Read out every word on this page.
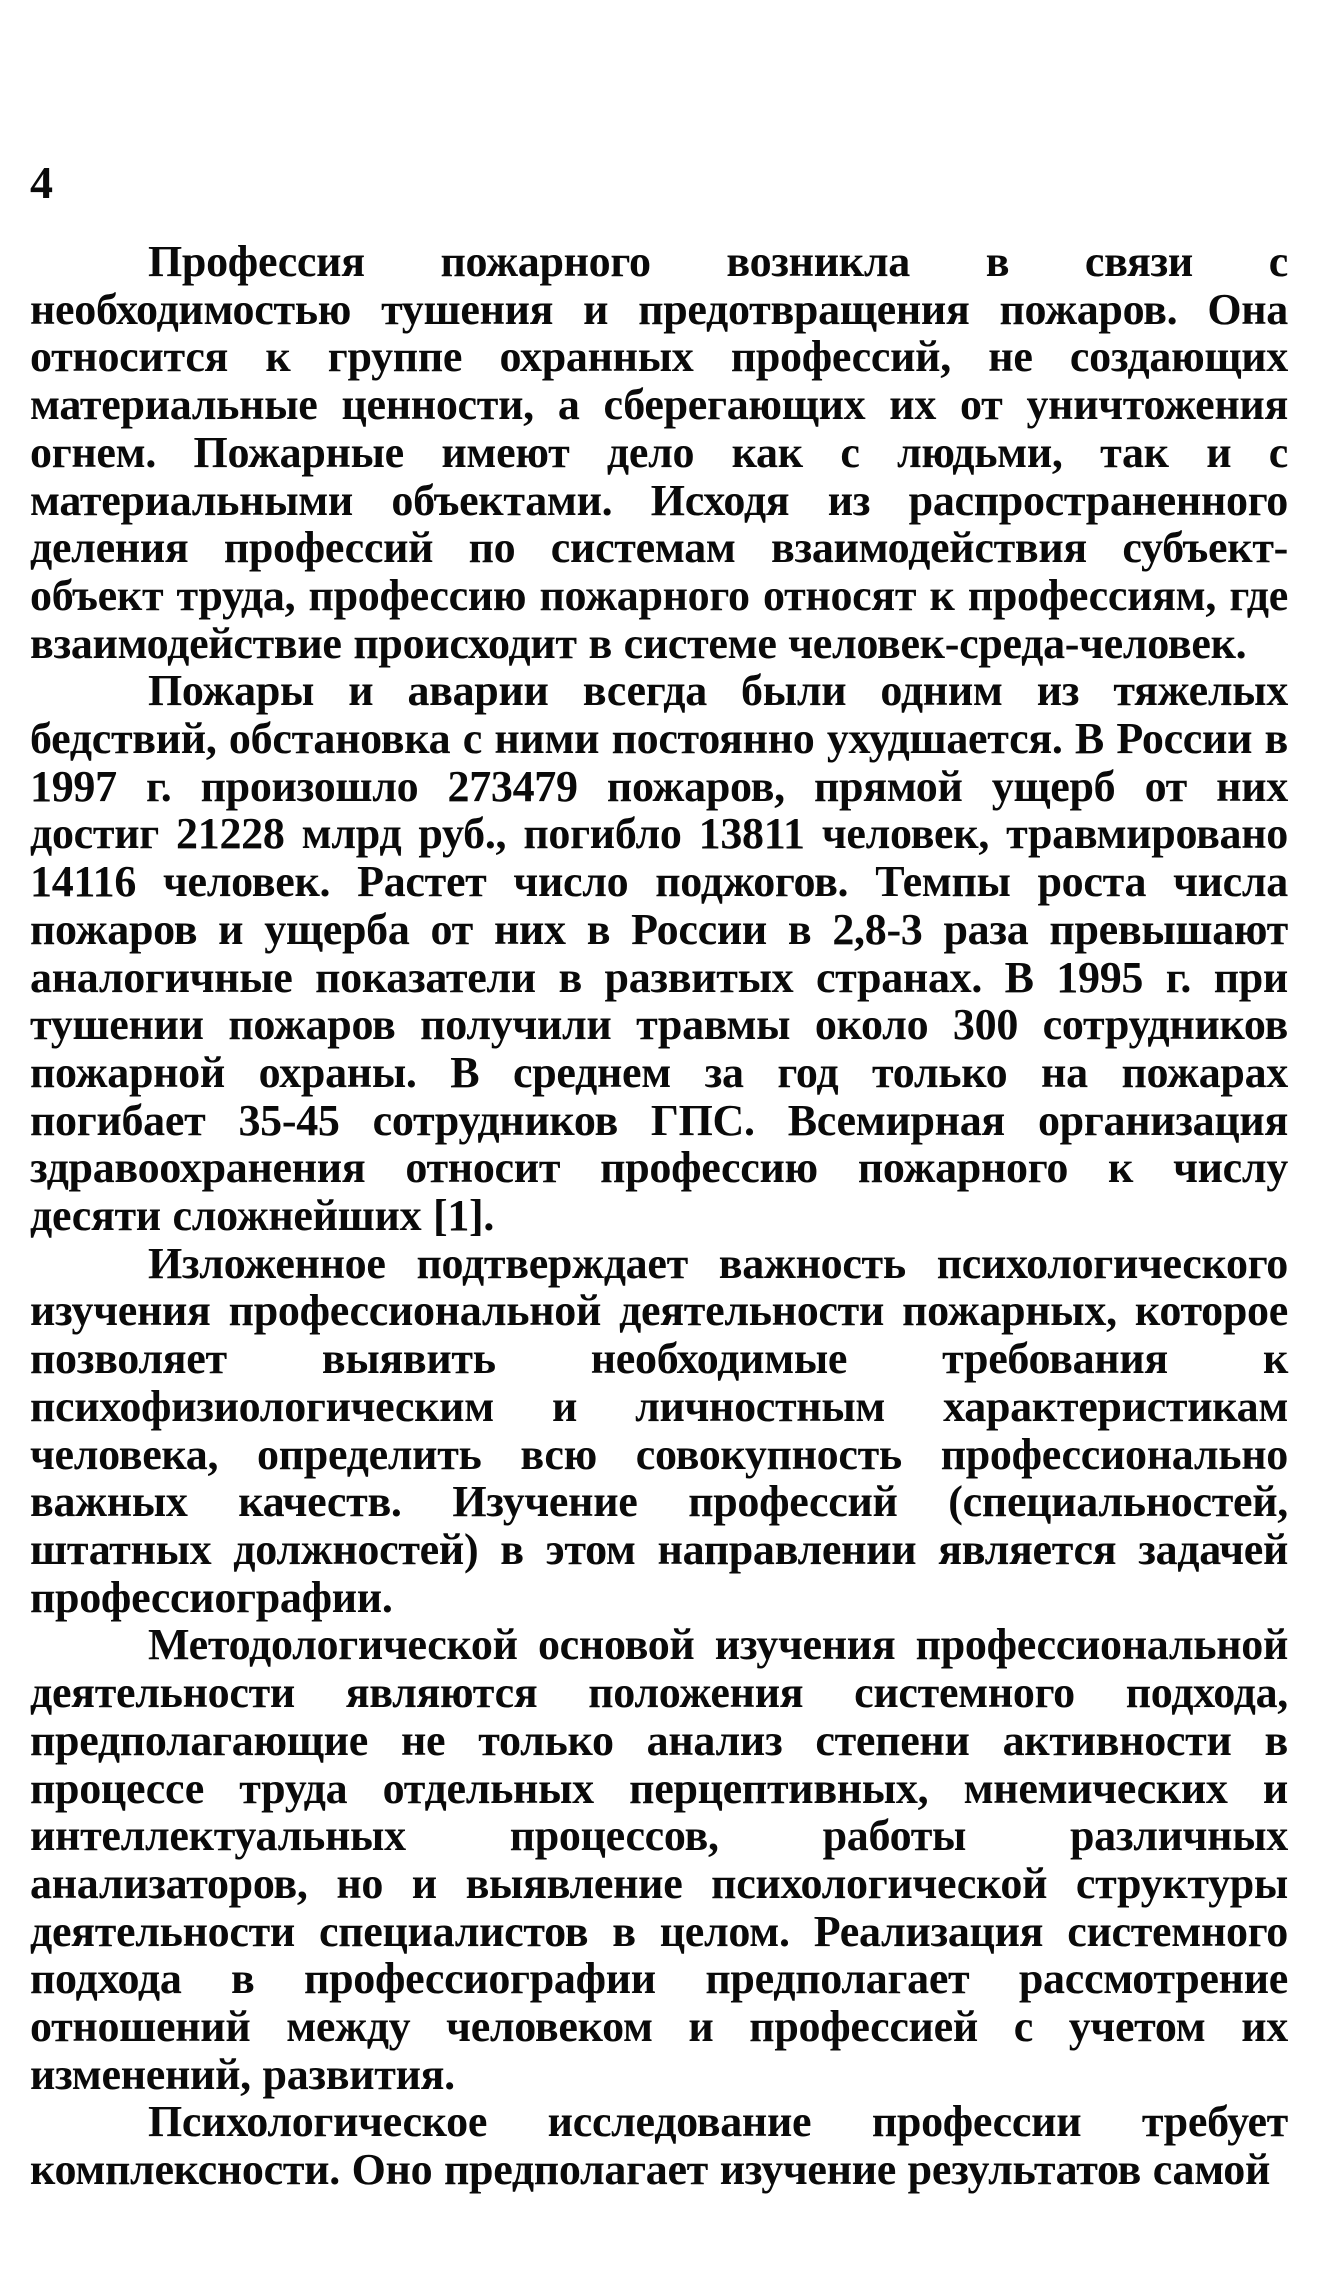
4

Профессия пожарного возникла в связи с необходимостью тушения и предотвращения пожаров. Она относится к группе охранных профессий, не создающих материальные ценности, а сберегающих их от уничтожения огнем. Пожарные имеют дело как с людьми, так и с материальными объектами. Исходя из распространенного деления профессий по системам взаимодействия субъект-объект труда, профессию пожарного относят к профессиям, где взаимодействие происходит в системе человек-среда-человек.

Пожары и аварии всегда были одним из тяжелых бедствий, обстановка с ними постоянно ухудшается. В России в 1997 г. произошло 273479 пожаров, прямой ущерб от них достиг 21228 млрд руб., погибло 13811 человек, травмировано 14116 человек. Растет число поджогов. Темпы роста числа пожаров и ущерба от них в России в 2,8-3 раза превышают аналогичные показатели в развитых странах. В 1995 г. при тушении пожаров получили травмы около 300 сотрудников пожарной охраны. В среднем за год только на пожарах погибает 35-45 сотрудников ГПС. Всемирная организация здравоохранения относит профессию пожарного к числу десяти сложнейших [1].

Изложенное подтверждает важность психологического изучения профессиональной деятельности пожарных, которое позволяет выявить необходимые требования к психофизиологическим и личностным характеристикам человека, определить всю совокупность профессионально важных качеств. Изучение профессий (специальностей, штатных должностей) в этом направлении является задачей профессиографии.

Методологической основой изучения профессиональной деятельности являются положения системного подхода, предполагающие не только анализ степени активности в процессе труда отдельных перцептивных, мнемических и интеллектуальных процессов, работы различных анализаторов, но и выявление психологической структуры деятельности специалистов в целом. Реализация системного подхода в профессиографии предполагает рассмотрение отношений между человеком и профессией с учетом их изменений, развития.

Психологическое исследование профессии требует комплексности. Оно предполагает изучение результатов самой
